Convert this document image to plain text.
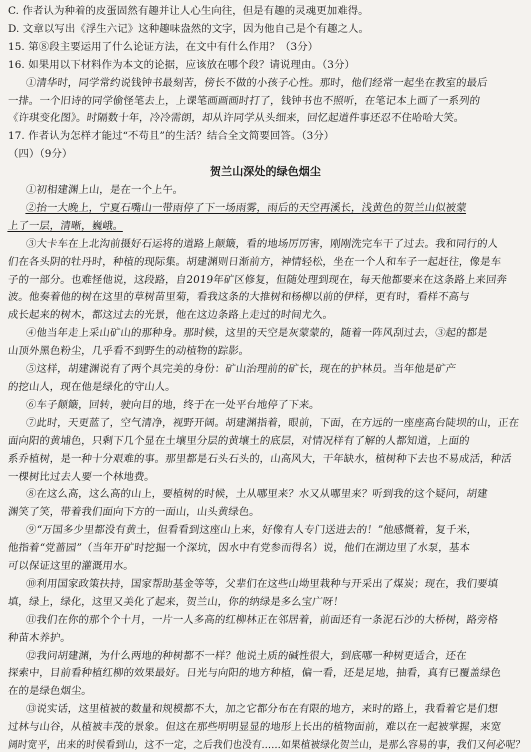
C. 作者认为种着的皮蛋固然有趣并让人心生向往，但是有趣的灵魂更加难得。
D. 文章以写出《浮生六记》这种趣味盎然的文字，因为他自己是个有趣之人。
15. 第⑧段主要运用了什么论证方法，在文中有什么作用？（3分）
16. 如果用以下材料作为本文的论据，应该放在哪个段？请说理由。（3分）
①清华时，同学常约说钱钟书最刻苦，傍长不做的小孩子心性。那时，他们经常一起坐在教室的最后
一排。一个旧诗的同学偷怪笔去上，上课笔画画画时打了，钱钟书也不照听，在笔记本上画了一系列的
《许琪变化图》。时隔数十年，冷冷需朗，却从许同学从头细来，回忆起道件事还忍不住哈哈大笑。
17. 作者认为怎样才能过“不苟且”的生活？结合全文简要回答。（3分）
（四）（9分）
贺兰山深处的绿色烟尘
①初相建渊上山，是在一个上午。
②抬一大晚上，宁夏石嘴山一带雨停了下一场雨雾，雨后的天空再溪长，浅黄色的贺兰山似被蒙
上了一层，清晰，巍峨。
③大卡车在上北沟前摄好石运将的道路上颠簸，看的地场厉厉害，刚刚洗完车干了过去。我和同行的人
们在各头阴的牡丹时，种植的现际集。胡建渊则日渐前方，神情轻松，坐在一个人和车子一起赶往，像是车
子的一部分。也难怪他说，这段路，自2019年矿区修复，但随处理到现在，每天他都要来在这条路上来回奔
波。他奏着他的树在这里的草树苗里菊，看我这条的大推树和杨柳以前的伊样，更有时，看样不高与
成长起来的树木，都这过去的光景，他在这边条路上走过的时间尤久。
④他当年走上采山矿山的那种身。那时候，这里的天空是灰蒙蒙的，随着一阵风刮过去，③起的都是
山顶外黑色粉尘，几乎看不到野生的动植物的踪影。
⑤这样，胡建渊说有了两个具完美的身份：矿山治理前的矿长，现在的护林员。当年他是矿产
的挖山人，现在他是绿化的守山人。
⑥车子颠簸，回转，驶向目的地，终于在一处平台地停了下来。
⑦此时，天更蓝了，空气清净，视野开阔。胡建渊指着，眼前，下面，在方远的一座座高台陡坝的山，正在
面向阳的黄埔色，只剩下几个显在土壤里分层的黄壤土的底层，对情况样有了解的人都知道，上面的
系乔植树，是一种十分艰难的事。那里都是石头石头的，山高风大，干年缺水，植树种下去也不易成活，种活
一棵树比过去人要一个林地费。
⑧在这么高，这么高的山上，要植树的时候，土从哪里来？水又从哪里来？听到我的这个疑问，胡建
渊笑了笑，带着我们面向下方的一面山，山头黄绿色。
⑨“万国多少里都没有黄土，但看看到这座山上来，好像有人专门送进去的！”他感慨着，复千米，
他指着“党蔷园”（当年开矿时挖掘一个深坑，因水中有党参而得名）说，他们在湖边里了水泵，基本
可以保证这里的灌溉用水。
⑩利用国家政策扶持，国家帮助基金等等，父辈们在这些山坳里栽种与开采出了煤炭；现在，我们要填
填，绿上，绿化，这里又美化了起来，贺兰山，你的纳绿是多么宝广呀！
⑪我们在你的那个个十月，一片一人多高的红柳林正在邻居着，前面还有一条泥石沙的大桥树，路旁格
种苗木养护。
⑫我问胡建渊，为什么两地的种树都不一样？他说土质的碱性很大，到底哪一种树更适合，还在
探索中，目前看种植红柳的效果最好。日光与向阳的地方种植，偏一看，还是足地，抽看，真有已覆盖绿色
在的是绿色烟尘。
⑬说实话，这里植被的数量和规模都不大，加之它都分布在有限的地方，来时的路上，我看着它是们想
过林与山谷，从植被丰茂的景象。但这在那些明明显显的地形上长出的植物面前，难以在一起被掌握，来宽
阔时宽平，出来的时侯看到山，这不一定，之后我们也没有……如果植被绿化贺兰山，是那么容易的事，我们又何必呢？
